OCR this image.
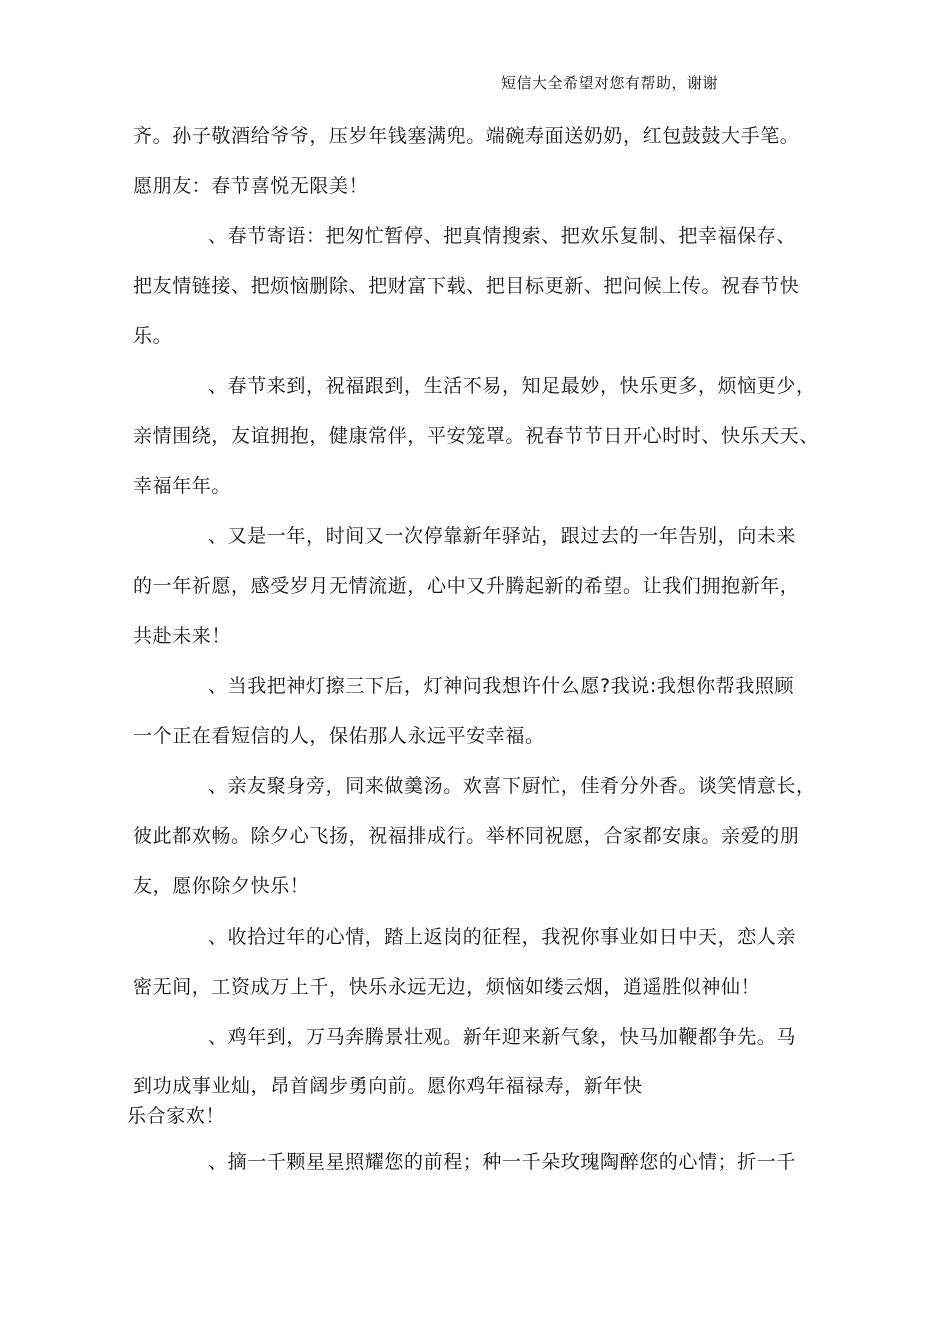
短信大全希望对您有帮助，谢谢
齐。孙子敬酒给爷爷，压岁年钱塞满兜。端碗寿面送奶奶，红包鼓鼓大手笔。
愿朋友：春节喜悦无限美！
、春节寄语：把匆忙暂停、把真情搜索、把欢乐复制、把幸福保存、
把友情链接、把烦恼删除、把财富下载、把目标更新、把问候上传。祝春节快
乐。
、春节来到，祝福跟到，生活不易，知足最妙，快乐更多，烦恼更少，
亲情围绕，友谊拥抱，健康常伴，平安笼罩。祝春节节日开心时时、快乐天天、
幸福年年。
、又是一年，时间又一次停靠新年驿站，跟过去的一年告别，向未来
的一年祈愿，感受岁月无情流逝，心中又升腾起新的希望。让我们拥抱新年，
共赴未来！
、当我把神灯擦三下后，灯神问我想许什么愿?我说:我想你帮我照顾
一个正在看短信的人，保佑那人永远平安幸福。
、亲友聚身旁，同来做羹汤。欢喜下厨忙，佳肴分外香。谈笑情意长，
彼此都欢畅。除夕心飞扬，祝福排成行。举杯同祝愿，合家都安康。亲爱的朋
友，愿你除夕快乐！
、收拾过年的心情，踏上返岗的征程，我祝你事业如日中天，恋人亲
密无间，工资成万上千，快乐永远无边，烦恼如缕云烟，逍遥胜似神仙！
、鸡年到，万马奔腾景壮观。新年迎来新气象，快马加鞭都争先。马
到功成事业灿，昂首阔步勇向前。愿你鸡年福禄寿，新年快
乐合家欢！
、摘一千颗星星照耀您的前程；种一千朵玫瑰陶醉您的心情；折一千
